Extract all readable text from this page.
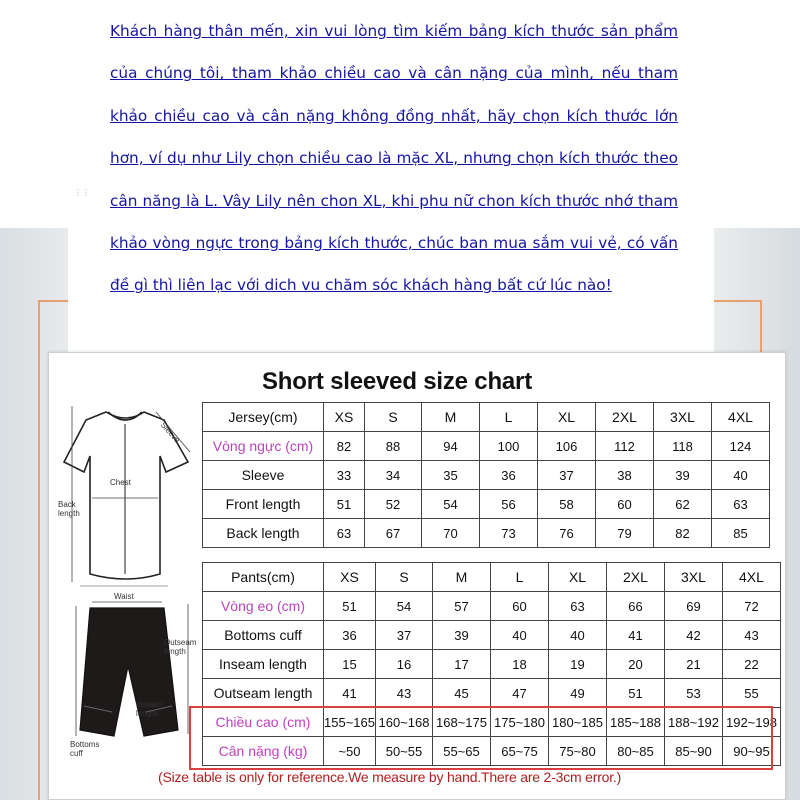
⋮⋮

Khách hàng thân mến, xin vui lòng tìm kiếm bảng kích thước sản phẩm của chúng tôi, tham khảo chiều cao và cân nặng của mình, nếu tham khảo chiều cao và cân nặng không đồng nhất, hãy chọn kích thước lớn hơn, ví dụ như Lily chọn chiều cao là mặc XL, nhưng chọn kích thước theo cân năng là L. Vây Lily nên chon XL, khi phu nữ chon kích thước nhớ tham khảo vòng ngực trong bảng kích thước, chúc ban mua sắm vui vẻ, có vấn đề gì thì liên lạc với dich vu chăm sóc khách hàng bất cứ lúc nào!

Short sleeved size chart
Sleeve
Chest
Back length
Waist
Outseam length
Inseam length
Bottoms cuff
Jersey(cm)	XS	S	M	L	XL	2XL	3XL	4XL
Vòng ngực (cm)	82	88	94	100	106	112	118	124
Sleeve	33	34	35	36	37	38	39	40
Front length	51	52	54	56	58	60	62	63
Back length	63	67	70	73	76	79	82	85
Pants(cm)	XS	S	M	L	XL	2XL	3XL	4XL
Vòng eo (cm)	51	54	57	60	63	66	69	72
Bottoms cuff	36	37	39	40	40	41	42	43
Inseam length	15	16	17	18	19	20	21	22
Outseam length	41	43	45	47	49	51	53	55
Chiều cao (cm)	155~165	160~168	168~175	175~180	180~185	185~188	188~192	192~198
Cân nặng (kg)	~50	50~55	55~65	65~75	75~80	80~85	85~90	90~95

(Size table is only for reference.We measure by hand.There are 2-3cm error.)
